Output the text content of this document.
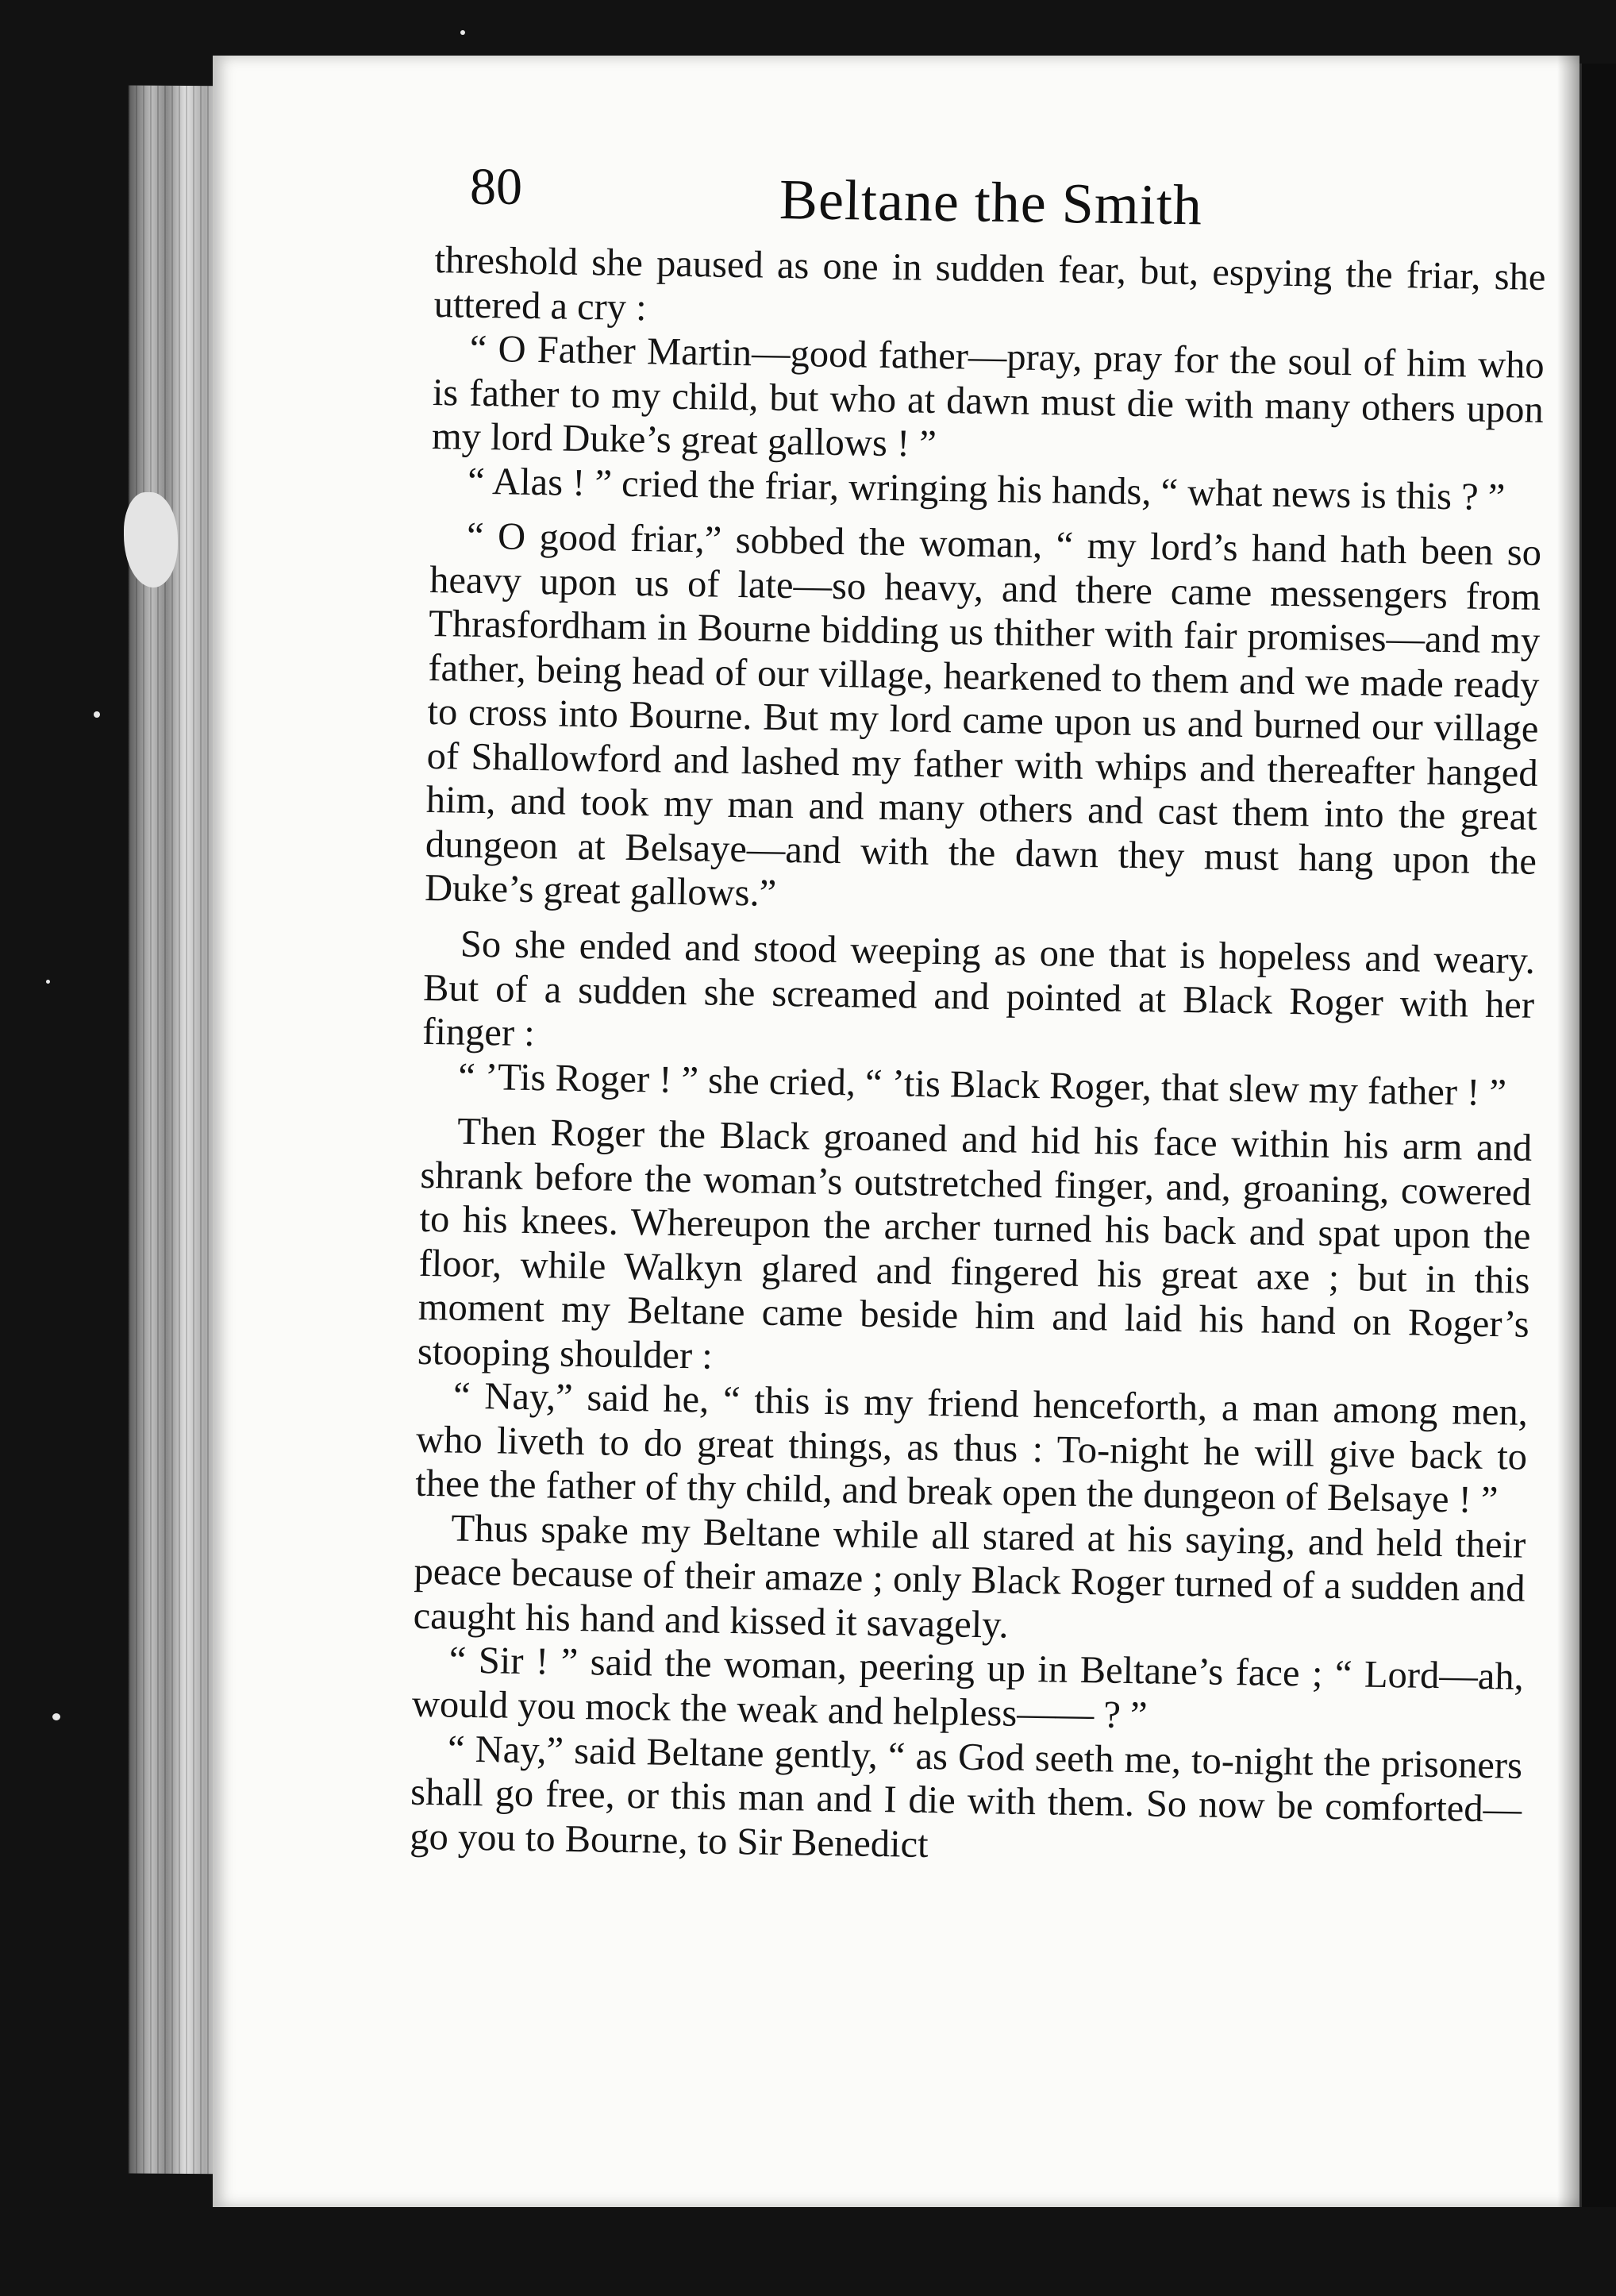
80	Beltane the Smith

threshold she paused as one in sudden fear, but, espying the friar, she uttered a cry :

“ O Father Martin—good father—pray, pray for the soul of him who is father to my child, but who at dawn must die with many others upon my lord Duke’s great gallows ! ”

“ Alas ! ” cried the friar, wringing his hands, “ what news is this ? ”

“ O good friar,” sobbed the woman, “ my lord’s hand hath been so heavy upon us of late—so heavy, and there came messengers from Thrasfordham in Bourne bidding us thither with fair promises—and my father, being head of our village, hearkened to them and we made ready to cross into Bourne. But my lord came upon us and burned our village of Shallowford and lashed my father with whips and thereafter hanged him, and took my man and many others and cast them into the great dungeon at Belsaye—and with the dawn they must hang upon the Duke’s great gallows.”

So she ended and stood weeping as one that is hopeless and weary. But of a sudden she screamed and pointed at Black Roger with her finger :

“ ’Tis Roger ! ” she cried, “ ’tis Black Roger, that slew my father ! ”

Then Roger the Black groaned and hid his face within his arm and shrank before the woman’s outstretched finger, and, groaning, cowered to his knees. Whereupon the archer turned his back and spat upon the floor, while Walkyn glared and fingered his great axe ; but in this moment my Beltane came beside him and laid his hand on Roger’s stooping shoulder :

“ Nay,” said he, “ this is my friend henceforth, a man among men, who liveth to do great things, as thus : To-night he will give back to thee the father of thy child, and break open the dungeon of Belsaye ! ”

Thus spake my Beltane while all stared at his saying, and held their peace because of their amaze ; only Black Roger turned of a sudden and caught his hand and kissed it savagely.

“ Sir ! ” said the woman, peering up in Beltane’s face ; “ Lord—ah, would you mock the weak and helpless—— ? ”

“ Nay,” said Beltane gently, “ as God seeth me, to-night the prisoners shall go free, or this man and I die with them. So now be comforted—go you to Bourne, to Sir Benedict
